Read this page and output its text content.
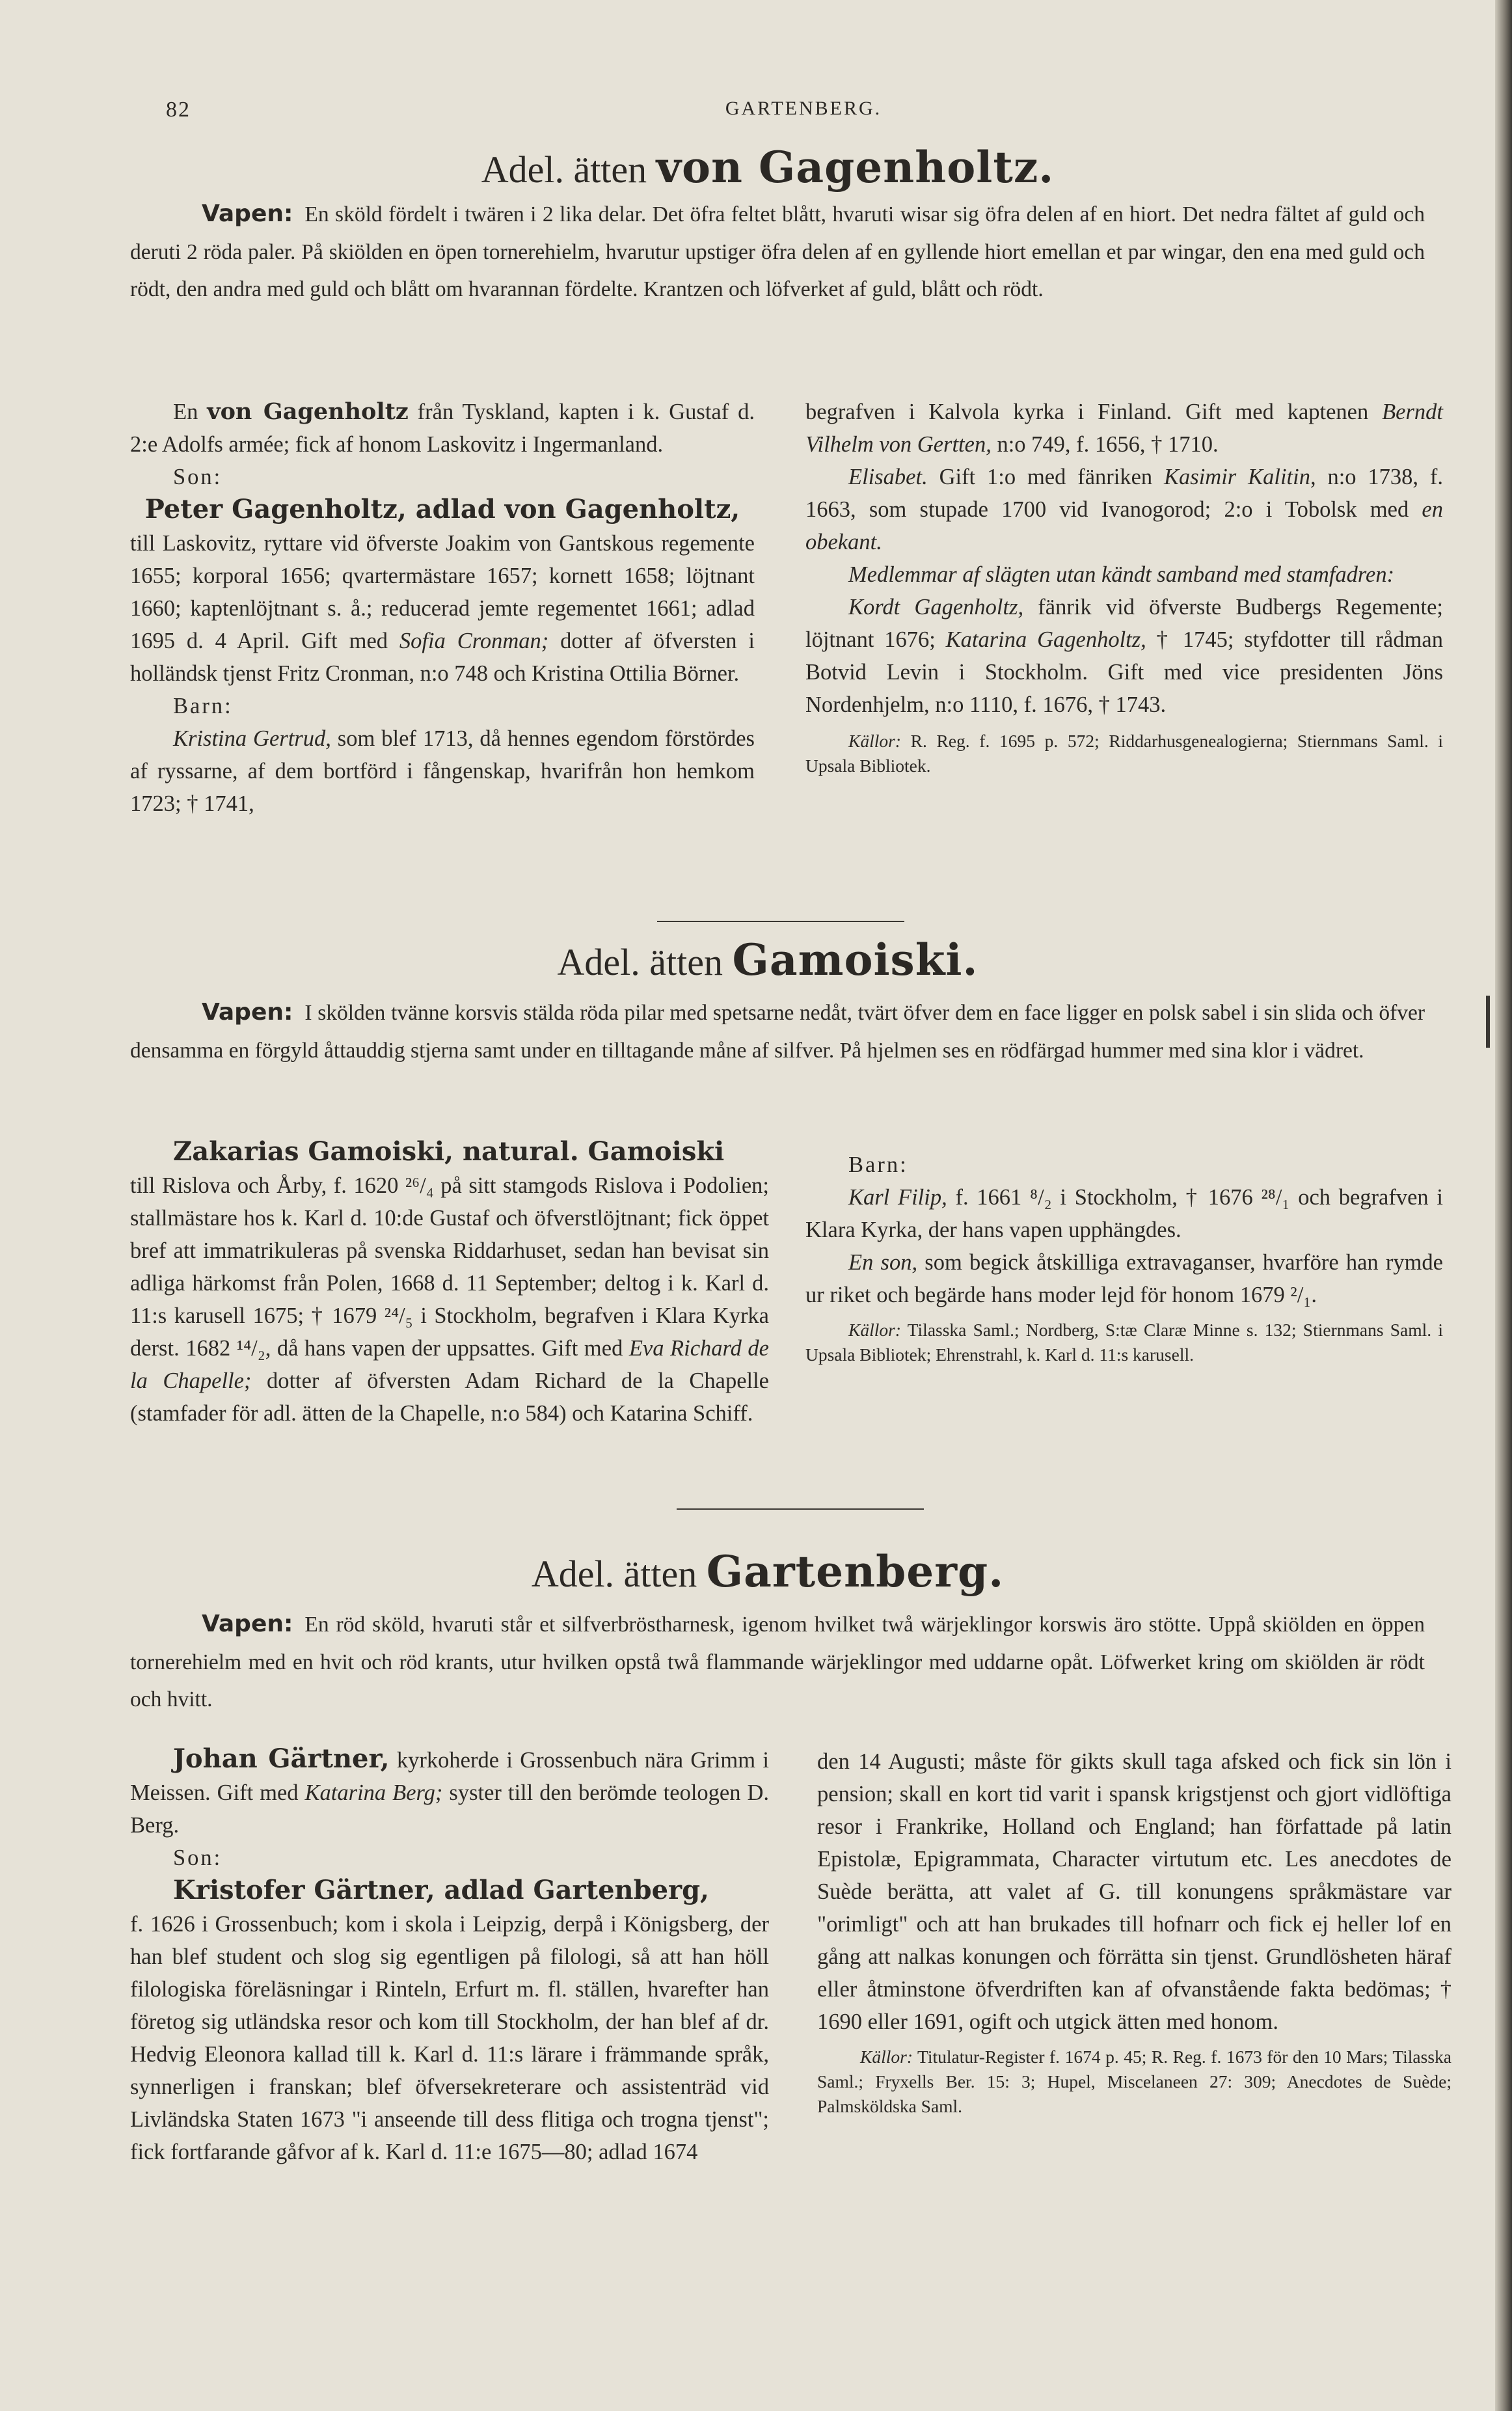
82	GARTENBERG.
Adel. ätten von Gagenholtz.

Vapen: En sköld fördelt i twären i 2 lika delar. Det öfra feltet blått, hvaruti wisar sig öfra delen af en hiort. Det nedra fältet af guld och deruti 2 röda paler. På skiölden en öpen tornerehielm, hvarutur upstiger öfra delen af en gyllende hiort emellan et par wingar, den ena med guld och rödt, den andra med guld och blått om hvarannan fördelte. Krantzen och löfverket af guld, blått och rödt.

En von Gagenholtz från Tyskland, kapten i k. Gustaf d. 2:e Adolfs armée; fick af honom Laskovitz i Ingermanland.

Son:

Peter Gagenholtz, adlad von Gagenholtz,

till Laskovitz, ryttare vid öfverste Joakim von Gantskous regemente 1655; korporal 1656; qvartermästare 1657; kornett 1658; löjtnant 1660; kaptenlöjtnant s. å.; reducerad jemte regementet 1661; adlad 1695 d. 4 April. Gift med Sofia Cronman; dotter af öfversten i holländsk tjenst Fritz Cronman, n:o 748 och Kristina Ottilia Börner.

Barn:

Kristina Gertrud, som blef 1713, då hennes egendom förstördes af ryssarne, af dem bortförd i fångenskap, hvarifrån hon hemkom 1723; † 1741,

begrafven i Kalvola kyrka i Finland. Gift med kaptenen Berndt Vilhelm von Gertten, n:o 749, f. 1656, † 1710.

Elisabet. Gift 1:o med fänriken Kasimir Kalitin, n:o 1738, f. 1663, som stupade 1700 vid Ivanogorod; 2:o i Tobolsk med en obekant.

Medlemmar af slägten utan kändt samband med stamfadren:

Kordt Gagenholtz, fänrik vid öfverste Budbergs Regemente; löjtnant 1676; Katarina Gagenholtz, † 1745; styfdotter till rådman Botvid Levin i Stockholm. Gift med vice presidenten Jöns Nordenhjelm, n:o 1110, f. 1676, † 1743.

Källor: R. Reg. f. 1695 p. 572; Riddarhusgenealogierna; Stiernmans Saml. i Upsala Bibliotek.

Adel. ätten Gamoiski.

Vapen: I skölden tvänne korsvis stälda röda pilar med spetsarne nedåt, tvärt öfver dem en face ligger en polsk sabel i sin slida och öfver densamma en förgyld åttauddig stjerna samt under en tilltagande måne af silfver. På hjelmen ses en rödfärgad hummer med sina klor i vädret.

Zakarias Gamoiski, natural. Gamoiski

till Rislova och Årby, f. 1620 ²⁶/₄ på sitt stamgods Rislova i Podolien; stallmästare hos k. Karl d. 10:de Gustaf och öfverstlöjtnant; fick öppet bref att immatrikuleras på svenska Riddarhuset, sedan han bevisat sin adliga härkomst från Polen, 1668 d. 11 September; deltog i k. Karl d. 11:s karusell 1675; † 1679 ²⁴/₅ i Stockholm, begrafven i Klara Kyrka derst. 1682 ¹⁴/₂, då hans vapen der uppsattes. Gift med Eva Richard de la Chapelle; dotter af öfversten Adam Richard de la Chapelle (stamfader för adl. ätten de la Chapelle, n:o 584) och Katarina Schiff.

Barn:

Karl Filip, f. 1661 ⁸/₂ i Stockholm, † 1676 ²⁸/₁ och begrafven i Klara Kyrka, der hans vapen upphängdes.

En son, som begick åtskilliga extravaganser, hvarföre han rymde ur riket och begärde hans moder lejd för honom 1679 ²/₁.

Källor: Tilasska Saml.; Nordberg, S:tæ Claræ Minne s. 132; Stiernmans Saml. i Upsala Bibliotek; Ehrenstrahl, k. Karl d. 11:s karusell.

Adel. ätten Gartenberg.

Vapen: En röd sköld, hvaruti står et silfverbröstharnesk, igenom hvilket twå wärjeklingor korswis äro stötte. Uppå skiölden en öppen tornerehielm med en hvit och röd krants, utur hvilken opstå twå flammande wärjeklingor med uddarne opåt. Löfwerket kring om skiölden är rödt och hvitt.

Johan Gärtner, kyrkoherde i Grossenbuch nära Grimm i Meissen. Gift med Katarina Berg; syster till den berömde teologen D. Berg.

Son:

Kristofer Gärtner, adlad Gartenberg,

f. 1626 i Grossenbuch; kom i skola i Leipzig, derpå i Königsberg, der han blef student och slog sig egentligen på filologi, så att han höll filologiska föreläsningar i Rinteln, Erfurt m. fl. ställen, hvarefter han företog sig utländska resor och kom till Stockholm, der han blef af dr. Hedvig Eleonora kallad till k. Karl d. 11:s lärare i främmande språk, synnerligen i franskan; blef öfversekreterare och assistenträd vid Livländska Staten 1673 "i anseende till dess flitiga och trogna tjenst"; fick fortfarande gåfvor af k. Karl d. 11:e 1675—80; adlad 1674

den 14 Augusti; måste för gikts skull taga afsked och fick sin lön i pension; skall en kort tid varit i spansk krigstjenst och gjort vidlöftiga resor i Frankrike, Holland och England; han författade på latin Epistolæ, Epigrammata, Character virtutum etc. Les anecdotes de Suède berätta, att valet af G. till konungens språkmästare var "orimligt" och att han brukades till hofnarr och fick ej heller lof en gång att nalkas konungen och förrätta sin tjenst. Grundlösheten häraf eller åtminstone öfverdriften kan af ofvanstående fakta bedömas; † 1690 eller 1691, ogift och utgick ätten med honom.

Källor: Titulatur-Register f. 1674 p. 45; R. Reg. f. 1673 för den 10 Mars; Tilasska Saml.; Fryxells Ber. 15: 3; Hupel, Miscelaneen 27: 309; Anecdotes de Suède; Palmsköldska Saml.
